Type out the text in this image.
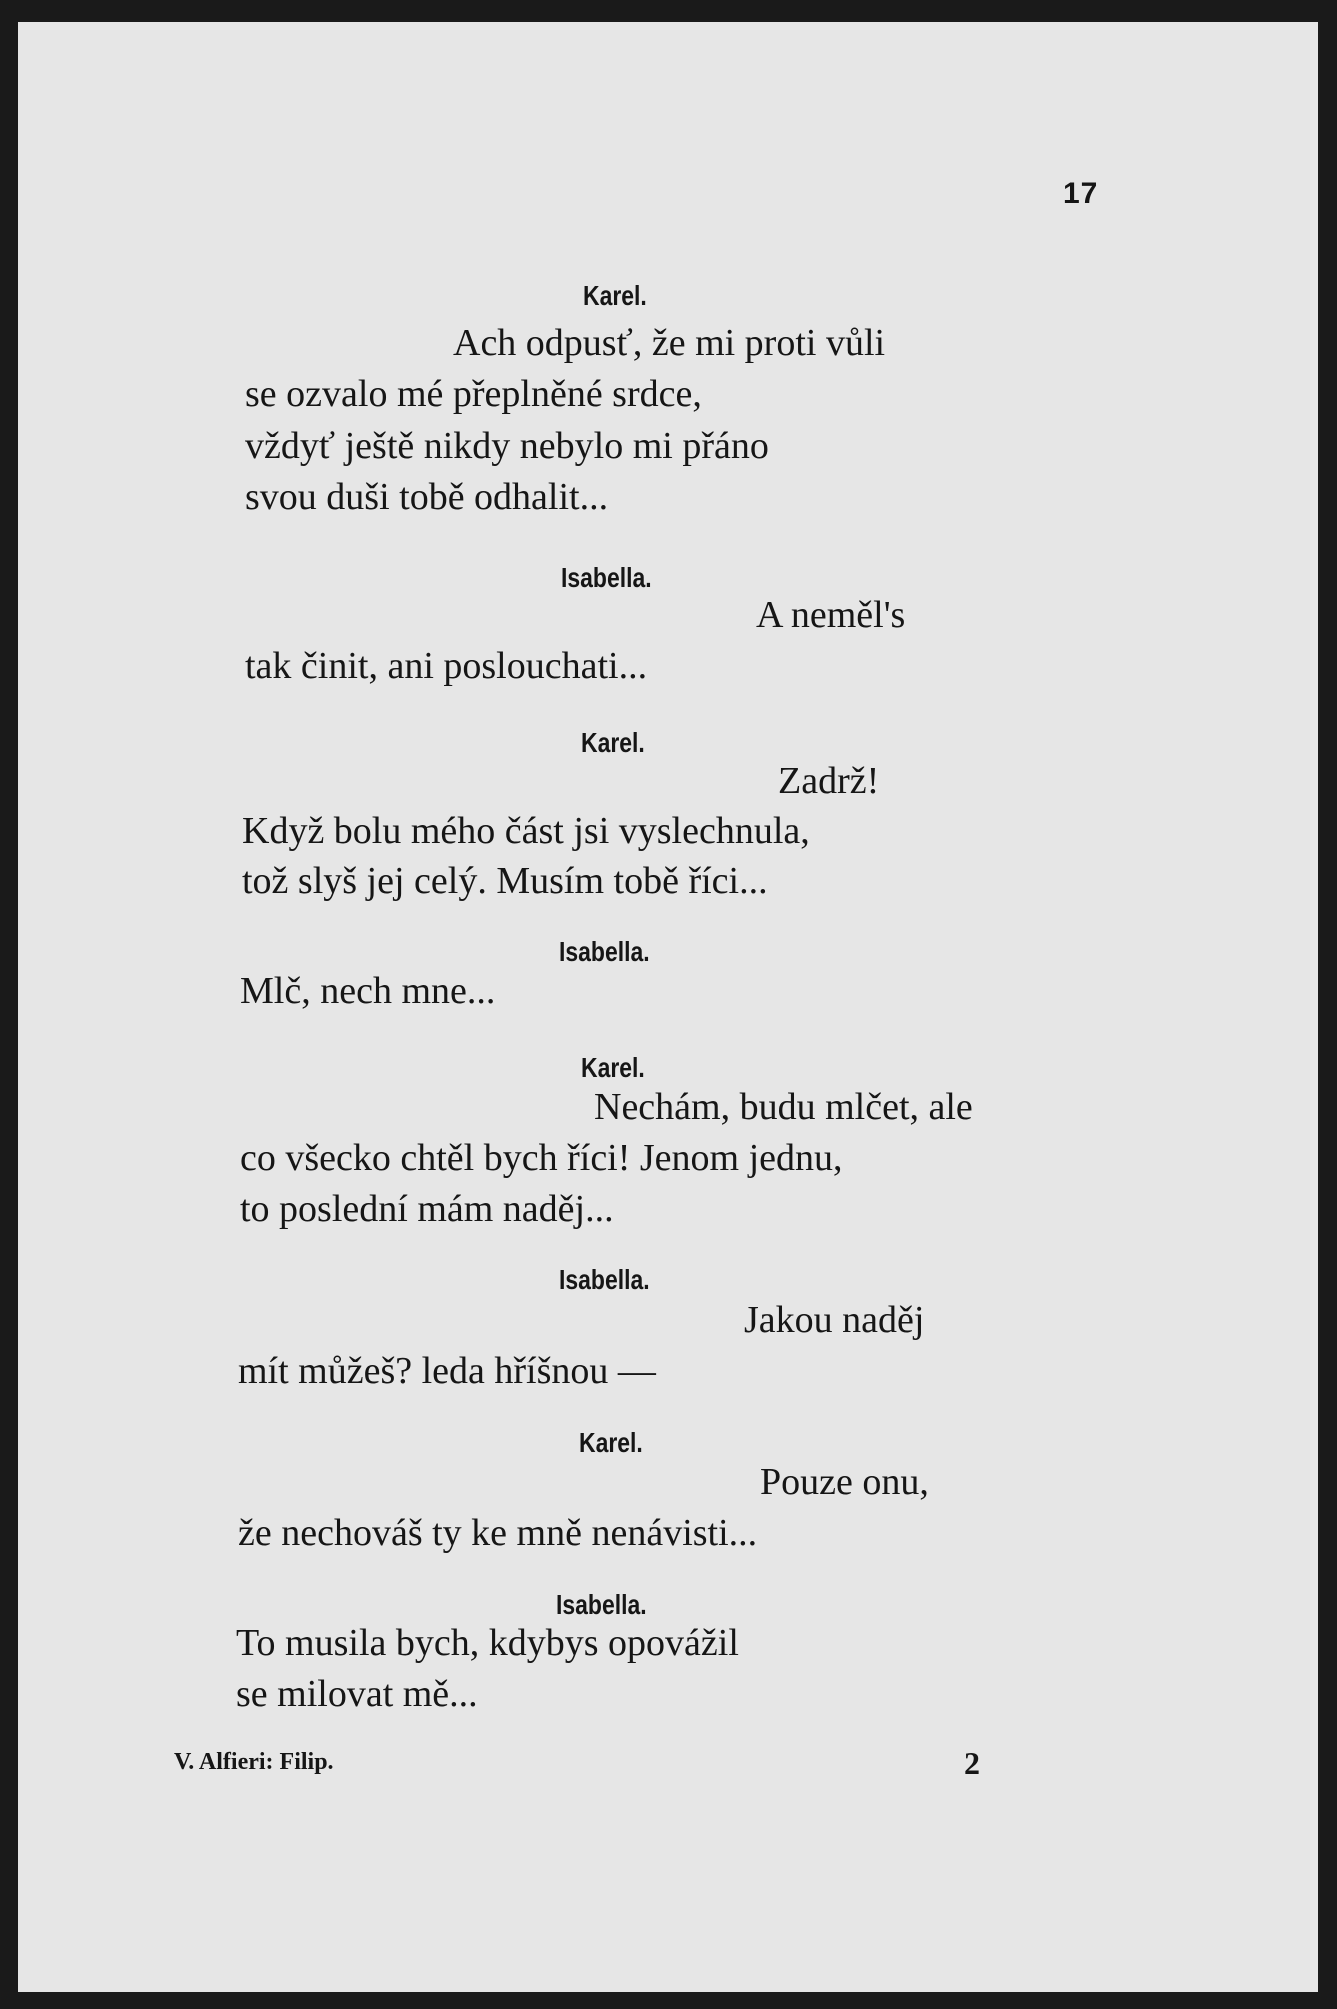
17
Karel.
Ach odpusť, že mi proti vůli
se ozvalo mé přeplněné srdce,
vždyť ještě nikdy nebylo mi přáno
svou duši tobě odhalit...
Isabella.
A neměl's
tak činit, ani poslouchati...
Karel.
Zadrž!
Když bolu mého část jsi vyslechnula,
tož slyš jej celý. Musím tobě říci...
Isabella.
Mlč, nech mne...
Karel.
Nechám, budu mlčet, ale
co všecko chtěl bych říci! Jenom jednu,
to poslední mám naděj...
Isabella.
Jakou naděj
mít můžeš? leda hříšnou —
Karel.
Pouze onu,
že nechováš ty ke mně nenávisti...
Isabella.
To musila bych, kdybys opovážil
se milovat mě...
V. Alfieri: Filip.	2
